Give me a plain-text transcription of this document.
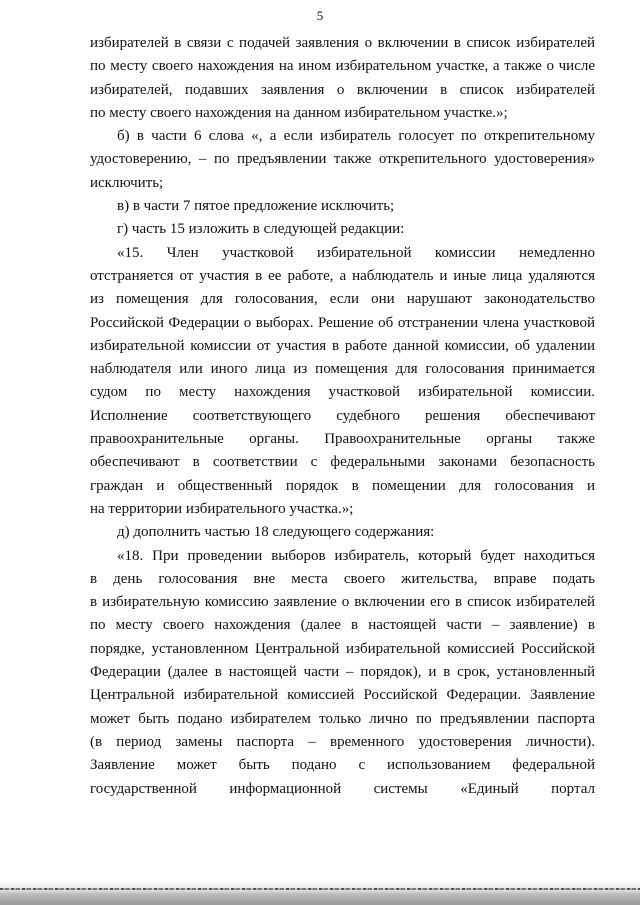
5
избирателей в связи с подачей заявления о включении в список избирателей
по месту своего нахождения на ином избирательном участке, а также о числе
избирателей, подавших заявления о включении в список избирателей
по месту своего нахождения на данном избирательном участке.»;
б) в части 6 слова «, а если избиратель голосует по открепительному
удостоверению, – по предъявлении также открепительного удостоверения»
исключить;
в) в части 7 пятое предложение исключить;
г) часть 15 изложить в следующей редакции:
«15. Член участковой избирательной комиссии немедленно
отстраняется от участия в ее работе, а наблюдатель и иные лица удаляются
из помещения для голосования, если они нарушают законодательство
Российской Федерации о выборах. Решение об отстранении члена участковой
избирательной комиссии от участия в работе данной комиссии, об удалении
наблюдателя или иного лица из помещения для голосования принимается
судом по месту нахождения участковой избирательной комиссии.
Исполнение соответствующего судебного решения обеспечивают
правоохранительные органы. Правоохранительные органы также
обеспечивают в соответствии с федеральными законами безопасность
граждан и общественный порядок в помещении для голосования и
на территории избирательного участка.»;
д) дополнить частью 18 следующего содержания:
«18. При проведении выборов избиратель, который будет находиться
в день голосования вне места своего жительства, вправе подать
в избирательную комиссию заявление о включении его в список избирателей
по месту своего нахождения (далее в настоящей части – заявление) в
порядке, установленном Центральной избирательной комиссией Российской
Федерации (далее в настоящей части – порядок), и в срок, установленный
Центральной избирательной комиссией Российской Федерации. Заявление
может быть подано избирателем только лично по предъявлении паспорта
(в период замены паспорта – временного удостоверения личности).
Заявление может быть подано с использованием федеральной
государственной информационной системы «Единый портал
